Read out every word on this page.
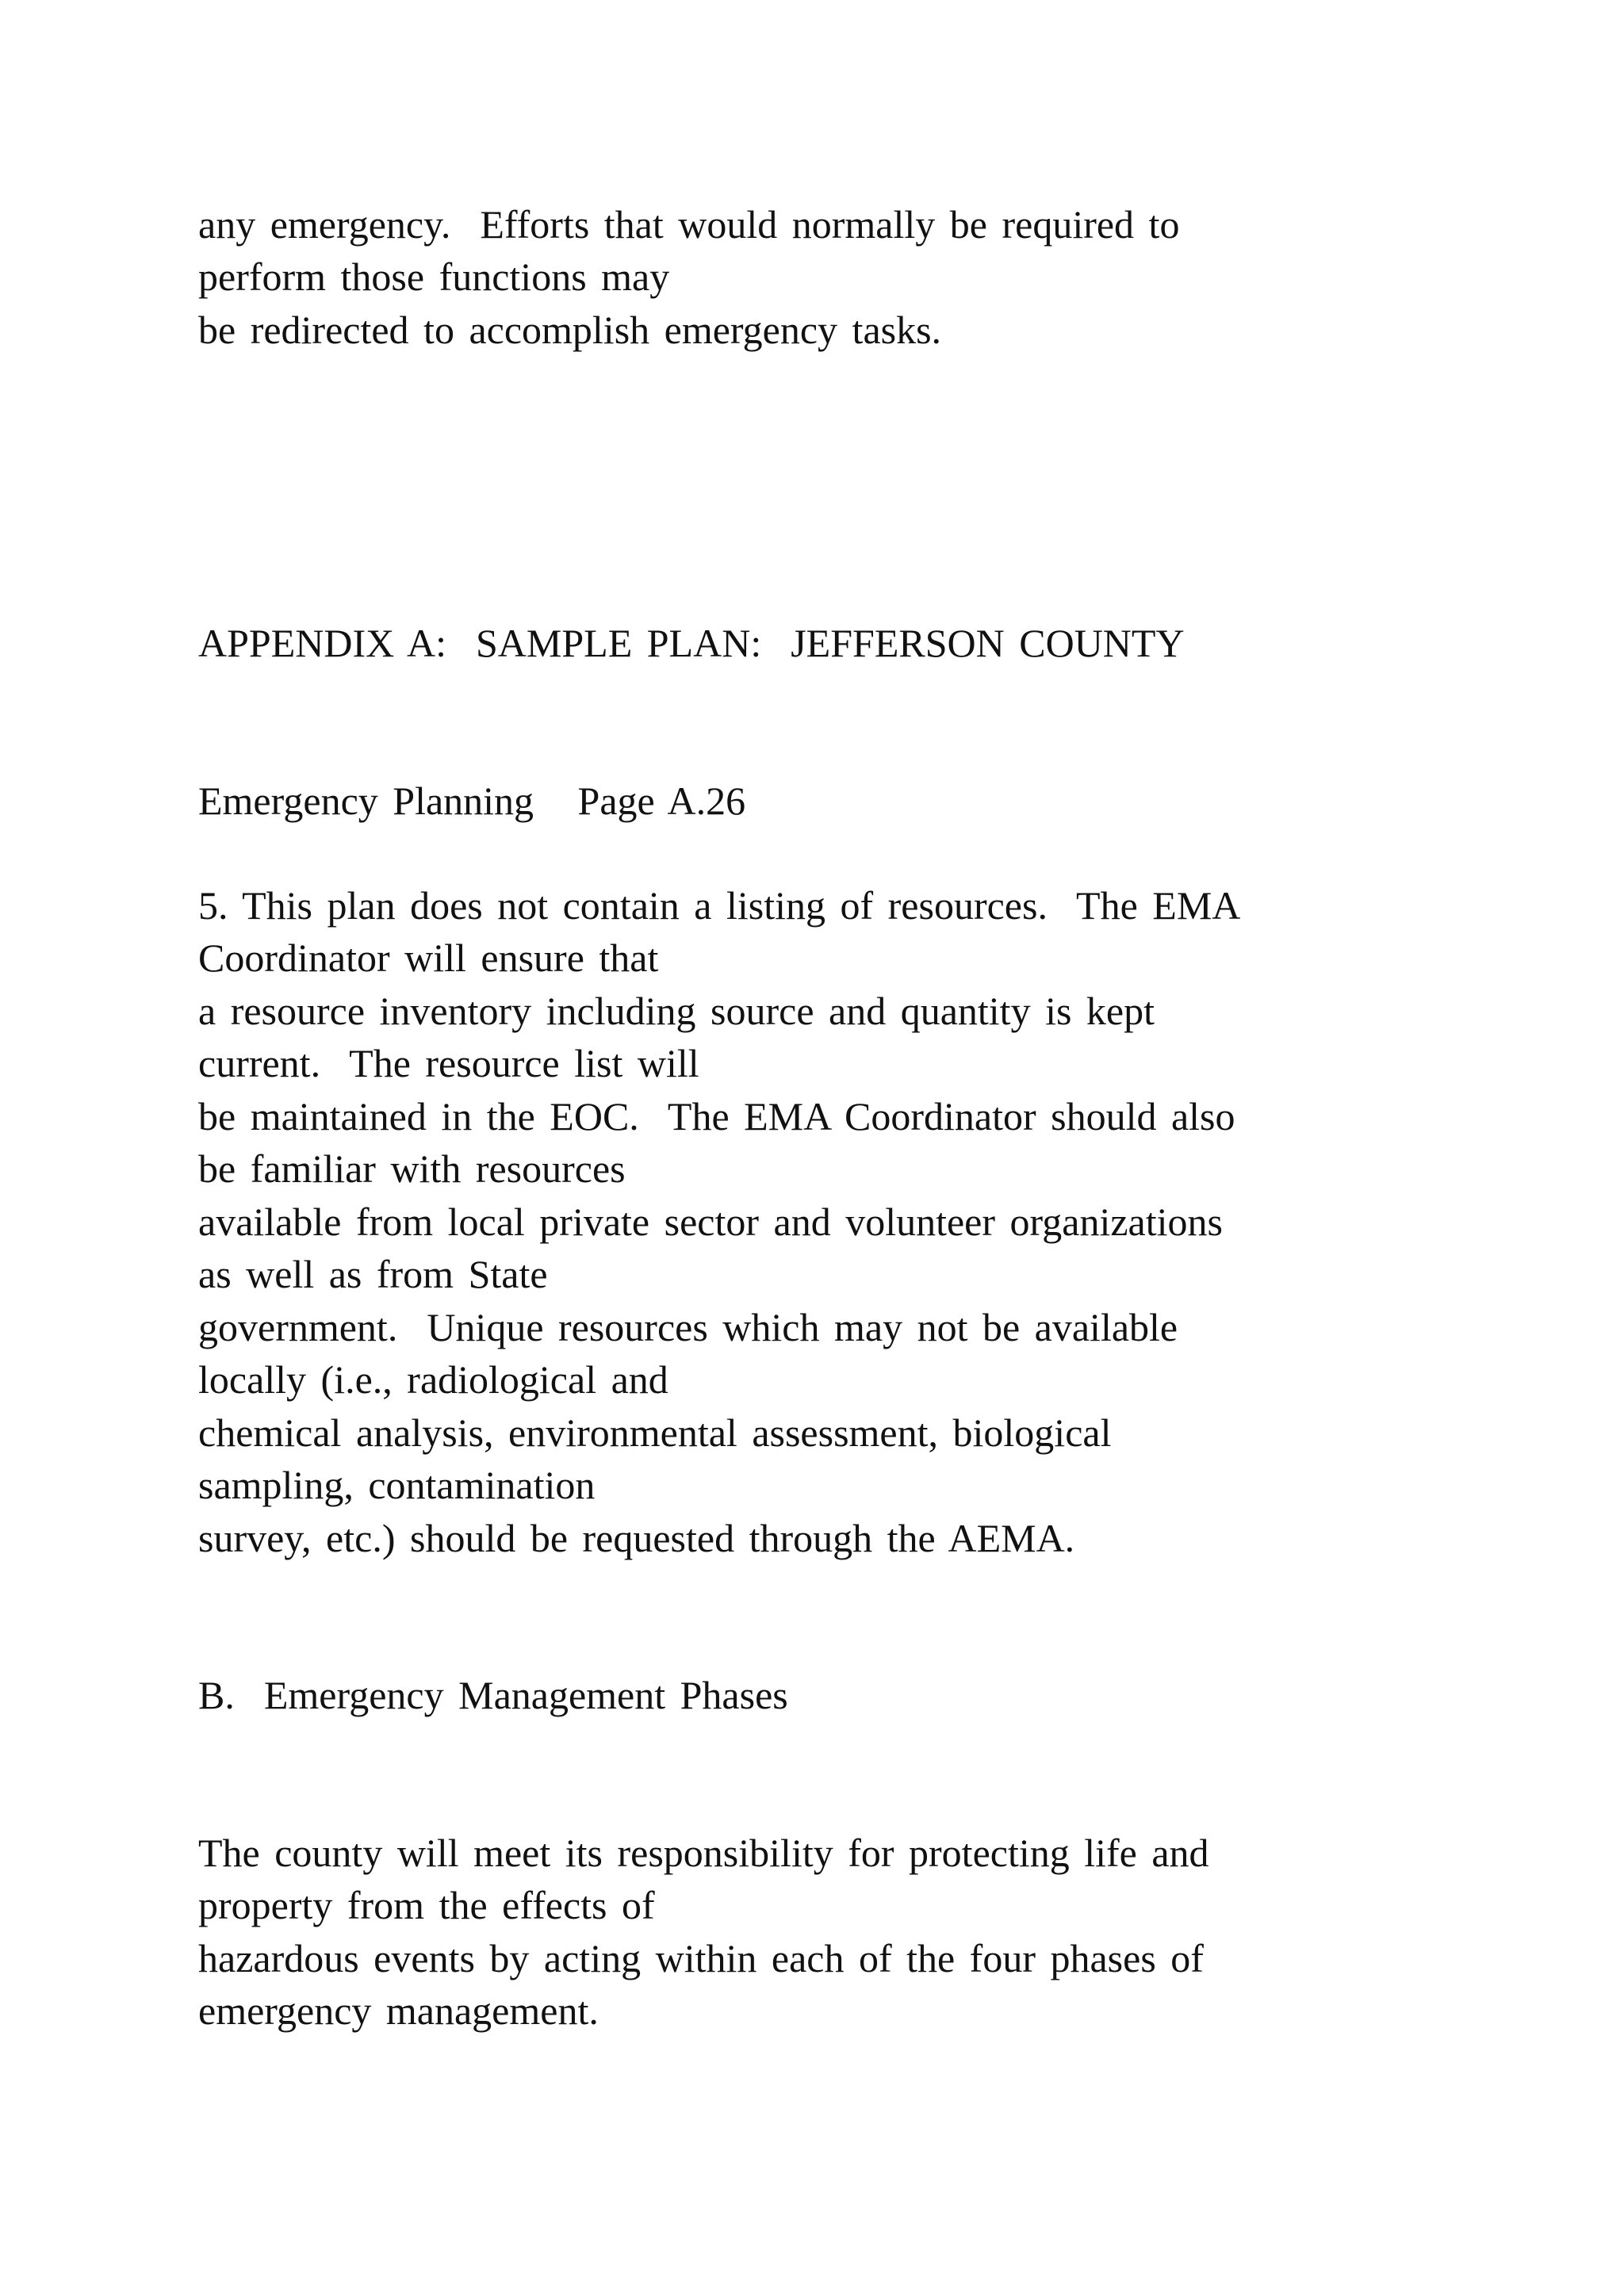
any emergency.  Efforts that would normally be required to

perform those functions may

be redirected to accomplish emergency tasks.

APPENDIX A:  SAMPLE PLAN:  JEFFERSON COUNTY

Emergency Planning   Page A.26

5. This plan does not contain a listing of resources.  The EMA

Coordinator will ensure that

a resource inventory including source and quantity is kept

current.  The resource list will

be maintained in the EOC.  The EMA Coordinator should also

be familiar with resources

available from local private sector and volunteer organizations

as well as from State

government.  Unique resources which may not be available

locally (i.e., radiological and

chemical analysis, environmental assessment, biological

sampling, contamination

survey, etc.) should be requested through the AEMA.

B.  Emergency Management Phases

The county will meet its responsibility for protecting life and

property from the effects of

hazardous events by acting within each of the four phases of

emergency management.
